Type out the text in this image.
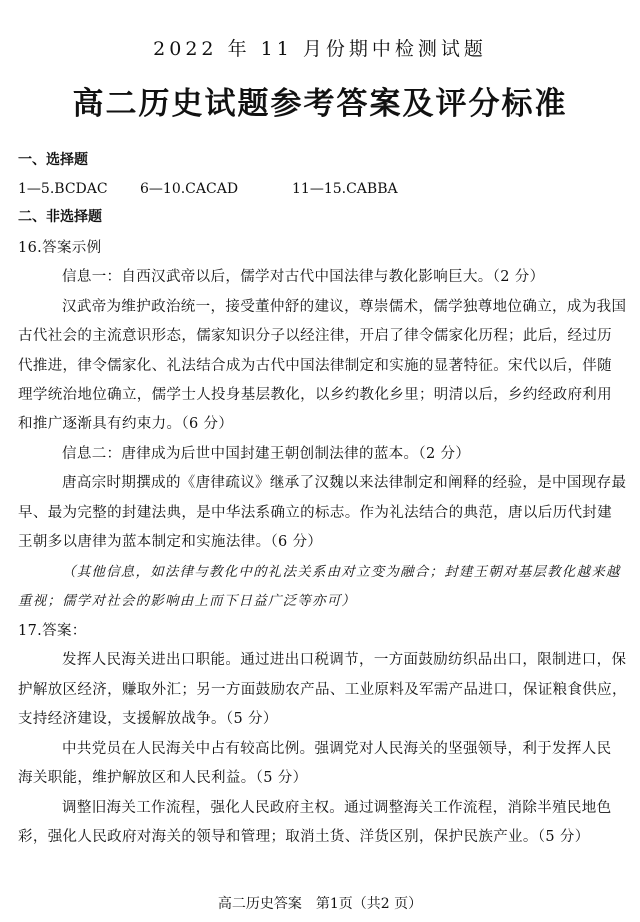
2022 年 11 月份期中检测试题
高二历史试题参考答案及评分标准
一、选择题
1—5.BCDAC 6—10.CACAD	11—15.CABBA
二、非选择题
16.答案示例
信息一：自西汉武帝以后，儒学对古代中国法律与教化影响巨大。（2 分）
汉武帝为维护政治统一，接受董仲舒的建议，尊崇儒术，儒学独尊地位确立，成为我国
古代社会的主流意识形态，儒家知识分子以经注律，开启了律令儒家化历程；此后，经过历
代推进，律令儒家化、礼法结合成为古代中国法律制定和实施的显著特征。宋代以后，伴随
理学统治地位确立，儒学士人投身基层教化，以乡约教化乡里；明清以后，乡约经政府利用
和推广逐渐具有约束力。（6 分）
信息二：唐律成为后世中国封建王朝创制法律的蓝本。（2 分）
唐高宗时期撰成的《唐律疏议》继承了汉魏以来法律制定和阐释的经验，是中国现存最
早、最为完整的封建法典，是中华法系确立的标志。作为礼法结合的典范，唐以后历代封建
王朝多以唐律为蓝本制定和实施法律。（6 分）
（其他信息，如法律与教化中的礼法关系由对立变为融合；封建王朝对基层教化越来越
重视；儒学对社会的影响由上而下日益广泛等亦可）
17.答案：
发挥人民海关进出口职能。通过进出口税调节，一方面鼓励纺织品出口，限制进口，保
护解放区经济，赚取外汇；另一方面鼓励农产品、工业原料及军需产品进口，保证粮食供应，
支持经济建设，支援解放战争。（5 分）
中共党员在人民海关中占有较高比例。强调党对人民海关的坚强领导，利于发挥人民
海关职能，维护解放区和人民利益。（5 分）
调整旧海关工作流程，强化人民政府主权。通过调整海关工作流程，消除半殖民地色
彩，强化人民政府对海关的领导和管理；取消土货、洋货区别，保护民族产业。（5 分）
高二历史答案　第1页（共2 页）
